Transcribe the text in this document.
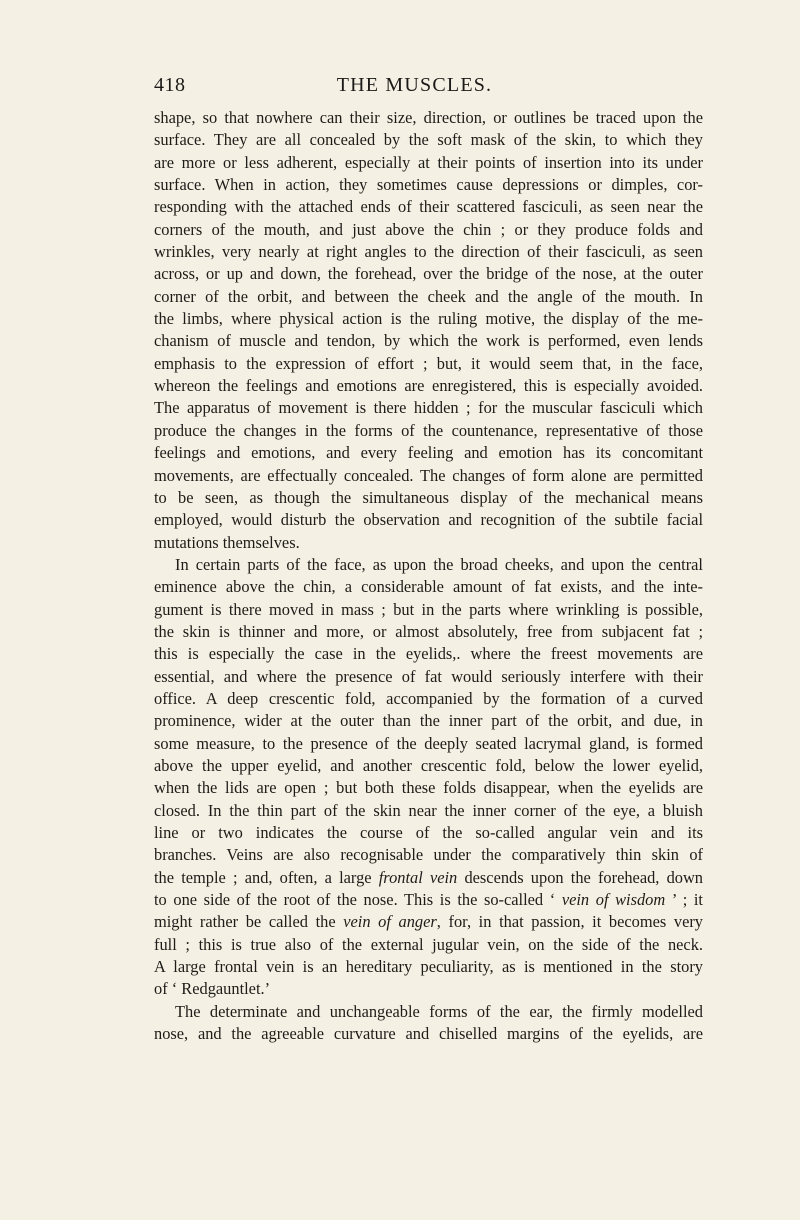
418	THE MUSCLES.
shape, so that nowhere can their size, direction, or outlines be traced upon the
surface. They are all concealed by the soft mask of the skin, to which they
are more or less adherent, especially at their points of insertion into its under
surface. When in action, they sometimes cause depressions or dimples, cor-
responding with the attached ends of their scattered fasciculi, as seen near the
corners of the mouth, and just above the chin ; or they produce folds and
wrinkles, very nearly at right angles to the direction of their fasciculi, as seen
across, or up and down, the forehead, over the bridge of the nose, at the outer
corner of the orbit, and between the cheek and the angle of the mouth. In
the limbs, where physical action is the ruling motive, the display of the me-
chanism of muscle and tendon, by which the work is performed, even lends
emphasis to the expression of effort ; but, it would seem that, in the face,
whereon the feelings and emotions are enregistered, this is especially avoided.
The apparatus of movement is there hidden ; for the muscular fasciculi which
produce the changes in the forms of the countenance, representative of those
feelings and emotions, and every feeling and emotion has its concomitant
movements, are effectually concealed. The changes of form alone are permitted
to be seen, as though the simultaneous display of the mechanical means
employed, would disturb the observation and recognition of the subtile facial
mutations themselves.
In certain parts of the face, as upon the broad cheeks, and upon the central
eminence above the chin, a considerable amount of fat exists, and the inte-
gument is there moved in mass ; but in the parts where wrinkling is possible,
the skin is thinner and more, or almost absolutely, free from subjacent fat ;
this is especially the case in the eyelids,. where the freest movements are
essential, and where the presence of fat would seriously interfere with their
office. A deep crescentic fold, accompanied by the formation of a curved
prominence, wider at the outer than the inner part of the orbit, and due, in
some measure, to the presence of the deeply seated lacrymal gland, is formed
above the upper eyelid, and another crescentic fold, below the lower eyelid,
when the lids are open ; but both these folds disappear, when the eyelids are
closed. In the thin part of the skin near the inner corner of the eye, a bluish
line or two indicates the course of the so-called angular vein and its
branches. Veins are also recognisable under the comparatively thin skin of
the temple ; and, often, a large frontal vein descends upon the forehead, down
to one side of the root of the nose. This is the so-called ‘ vein of wisdom ’ ; it
might rather be called the vein of anger, for, in that passion, it becomes very
full ; this is true also of the external jugular vein, on the side of the neck.
A large frontal vein is an hereditary peculiarity, as is mentioned in the story
of ‘ Redgauntlet.’
The determinate and unchangeable forms of the ear, the firmly modelled
nose, and the agreeable curvature and chiselled margins of the eyelids, are
